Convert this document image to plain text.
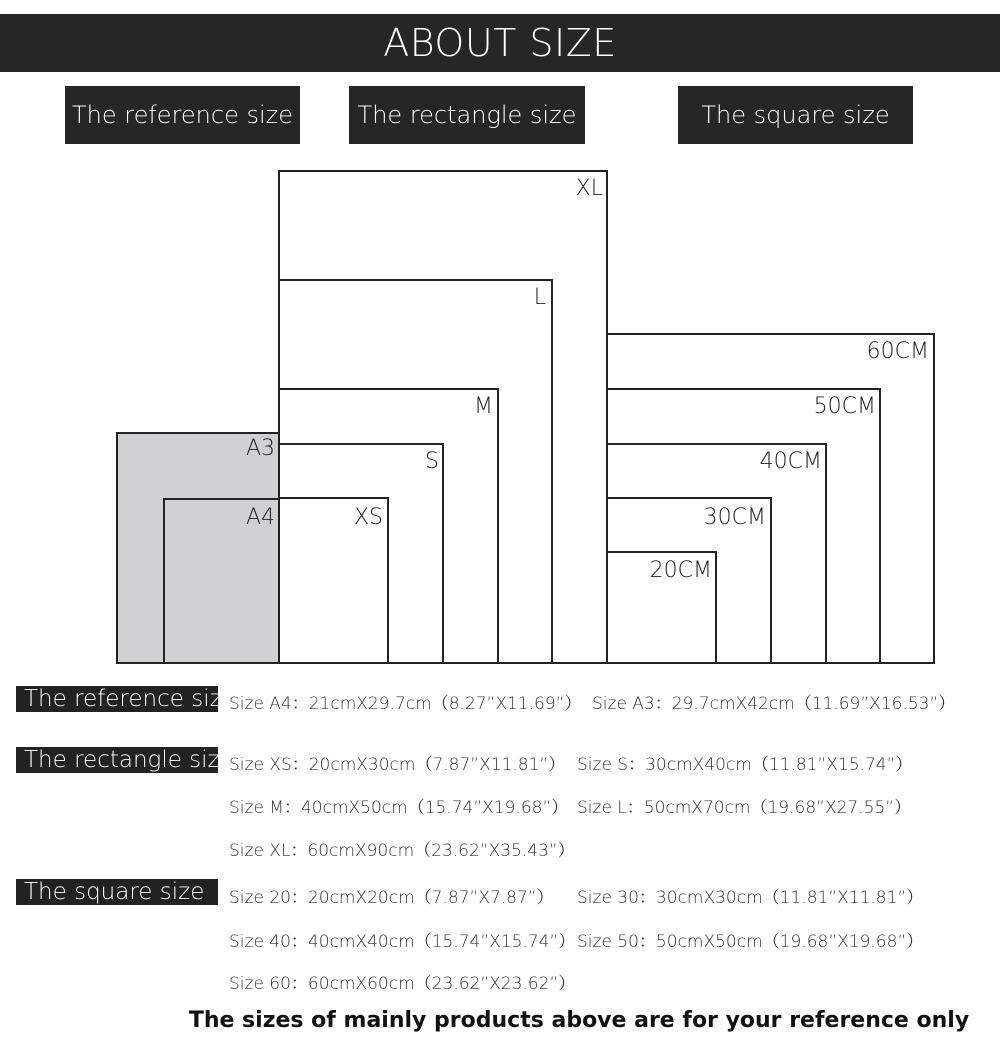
ABOUT SIZE
The reference size	The rectangle size	The square size
A3
A4
XL
L
M
S
XS
60CM
50CM
40CM
30CM
20CM
The reference size
Size A4：21cmX29.7cm（8.27”X11.69”） Size A3：29.7cmX42cm（11.69”X16.53”）
The rectangle size
Size XS：20cmX30cm（7.87”X11.81”） Size S：30cmX40cm（11.81”X15.74”）
Size M：40cmX50cm（15.74”X19.68”） Size L：50cmX70cm（19.68”X27.55”）
Size XL：60cmX90cm（23.62”X35.43”）
The square size	Size 20：20cmX20cm（7.87”X7.87”） Size 30：30cmX30cm（11.81”X11.81”）
Size 40：40cmX40cm（15.74”X15.74”） Size 50：50cmX50cm（19.68”X19.68”）
Size 60：60cmX60cm（23.62”X23.62”）
The sizes of mainly products above are for your reference only
